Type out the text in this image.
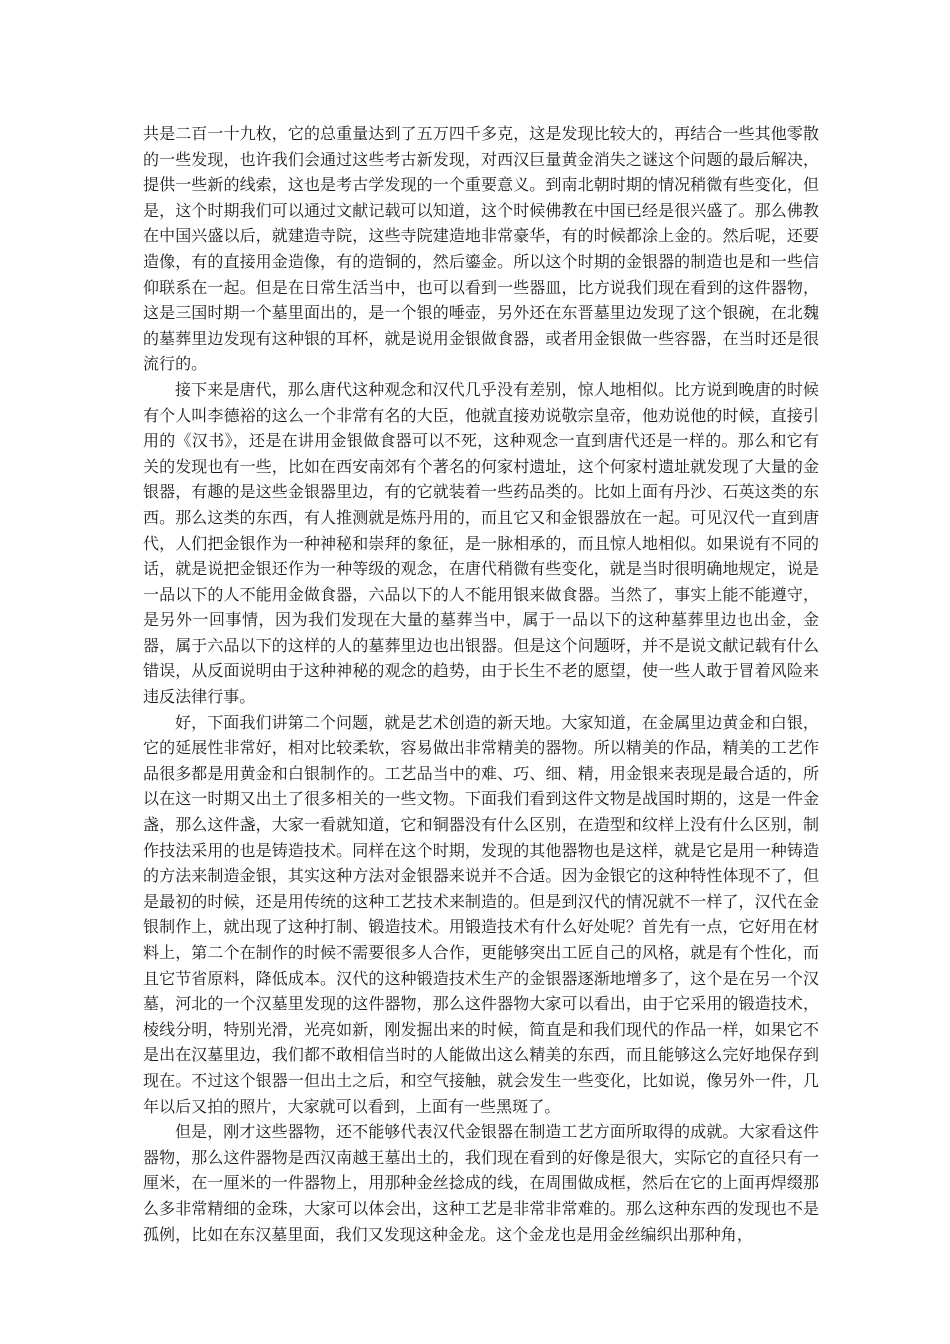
共是二百一十九枚，它的总重量达到了五万四千多克，这是发现比较大的，再结合一些其他零散的一些发现，也许我们会通过这些考古新发现，对西汉巨量黄金消失之谜这个问题的最后解决，提供一些新的线索，这也是考古学发现的一个重要意义。到南北朝时期的情况稍微有些变化，但是，这个时期我们可以通过文献记载可以知道，这个时候佛教在中国已经是很兴盛了。那么佛教在中国兴盛以后，就建造寺院，这些寺院建造地非常豪华，有的时候都涂上金的。然后呢，还要造像，有的直接用金造像，有的造铜的，然后鎏金。所以这个时期的金银器的制造也是和一些信仰联系在一起。但是在日常生活当中，也可以看到一些器皿，比方说我们现在看到的这件器物，这是三国时期一个墓里面出的，是一个银的唾壶，另外还在东晋墓里边发现了这个银碗，在北魏的墓葬里边发现有这种银的耳杯，就是说用金银做食器，或者用金银做一些容器，在当时还是很流行的。

接下来是唐代，那么唐代这种观念和汉代几乎没有差别，惊人地相似。比方说到晚唐的时候有个人叫李德裕的这么一个非常有名的大臣，他就直接劝说敬宗皇帝，他劝说他的时候，直接引用的《汉书》，还是在讲用金银做食器可以不死，这种观念一直到唐代还是一样的。那么和它有关的发现也有一些，比如在西安南郊有个著名的何家村遗址，这个何家村遗址就发现了大量的金银器，有趣的是这些金银器里边，有的它就装着一些药品类的。比如上面有丹沙、石英这类的东西。那么这类的东西，有人推测就是炼丹用的，而且它又和金银器放在一起。可见汉代一直到唐代，人们把金银作为一种神秘和崇拜的象征，是一脉相承的，而且惊人地相似。如果说有不同的话，就是说把金银还作为一种等级的观念，在唐代稍微有些变化，就是当时很明确地规定，说是一品以下的人不能用金做食器，六品以下的人不能用银来做食器。当然了，事实上能不能遵守，是另外一回事情，因为我们发现在大量的墓葬当中，属于一品以下的这种墓葬里边也出金，金器，属于六品以下的这样的人的墓葬里边也出银器。但是这个问题呀，并不是说文献记载有什么错误，从反面说明由于这种神秘的观念的趋势，由于长生不老的愿望，使一些人敢于冒着风险来违反法律行事。

好，下面我们讲第二个问题，就是艺术创造的新天地。大家知道，在金属里边黄金和白银，它的延展性非常好，相对比较柔软，容易做出非常精美的器物。所以精美的作品，精美的工艺作品很多都是用黄金和白银制作的。工艺品当中的难、巧、细、精，用金银来表现是最合适的，所以在这一时期又出土了很多相关的一些文物。下面我们看到这件文物是战国时期的，这是一件金盏，那么这件盏，大家一看就知道，它和铜器没有什么区别，在造型和纹样上没有什么区别，制作技法采用的也是铸造技术。同样在这个时期，发现的其他器物也是这样，就是它是用一种铸造的方法来制造金银，其实这种方法对金银器来说并不合适。因为金银它的这种特性体现不了，但是最初的时候，还是用传统的这种工艺技术来制造的。但是到汉代的情况就不一样了，汉代在金银制作上，就出现了这种打制、锻造技术。用锻造技术有什么好处呢？首先有一点，它好用在材料上，第二个在制作的时候不需要很多人合作，更能够突出工匠自己的风格，就是有个性化，而且它节省原料，降低成本。汉代的这种锻造技术生产的金银器逐渐地增多了，这个是在另一个汉墓，河北的一个汉墓里发现的这件器物，那么这件器物大家可以看出，由于它采用的锻造技术，棱线分明，特别光滑，光亮如新，刚发掘出来的时候，简直是和我们现代的作品一样，如果它不是出在汉墓里边，我们都不敢相信当时的人能做出这么精美的东西，而且能够这么完好地保存到现在。不过这个银器一但出土之后，和空气接触，就会发生一些变化，比如说，像另外一件，几年以后又拍的照片，大家就可以看到，上面有一些黑斑了。

但是，刚才这些器物，还不能够代表汉代金银器在制造工艺方面所取得的成就。大家看这件器物，那么这件器物是西汉南越王墓出土的，我们现在看到的好像是很大，实际它的直径只有一厘米，在一厘米的一件器物上，用那种金丝捻成的线，在周围做成框，然后在它的上面再焊缀那么多非常精细的金珠，大家可以体会出，这种工艺是非常非常难的。那么这种东西的发现也不是孤例，比如在东汉墓里面，我们又发现这种金龙。这个金龙也是用金丝编织出那种角，
